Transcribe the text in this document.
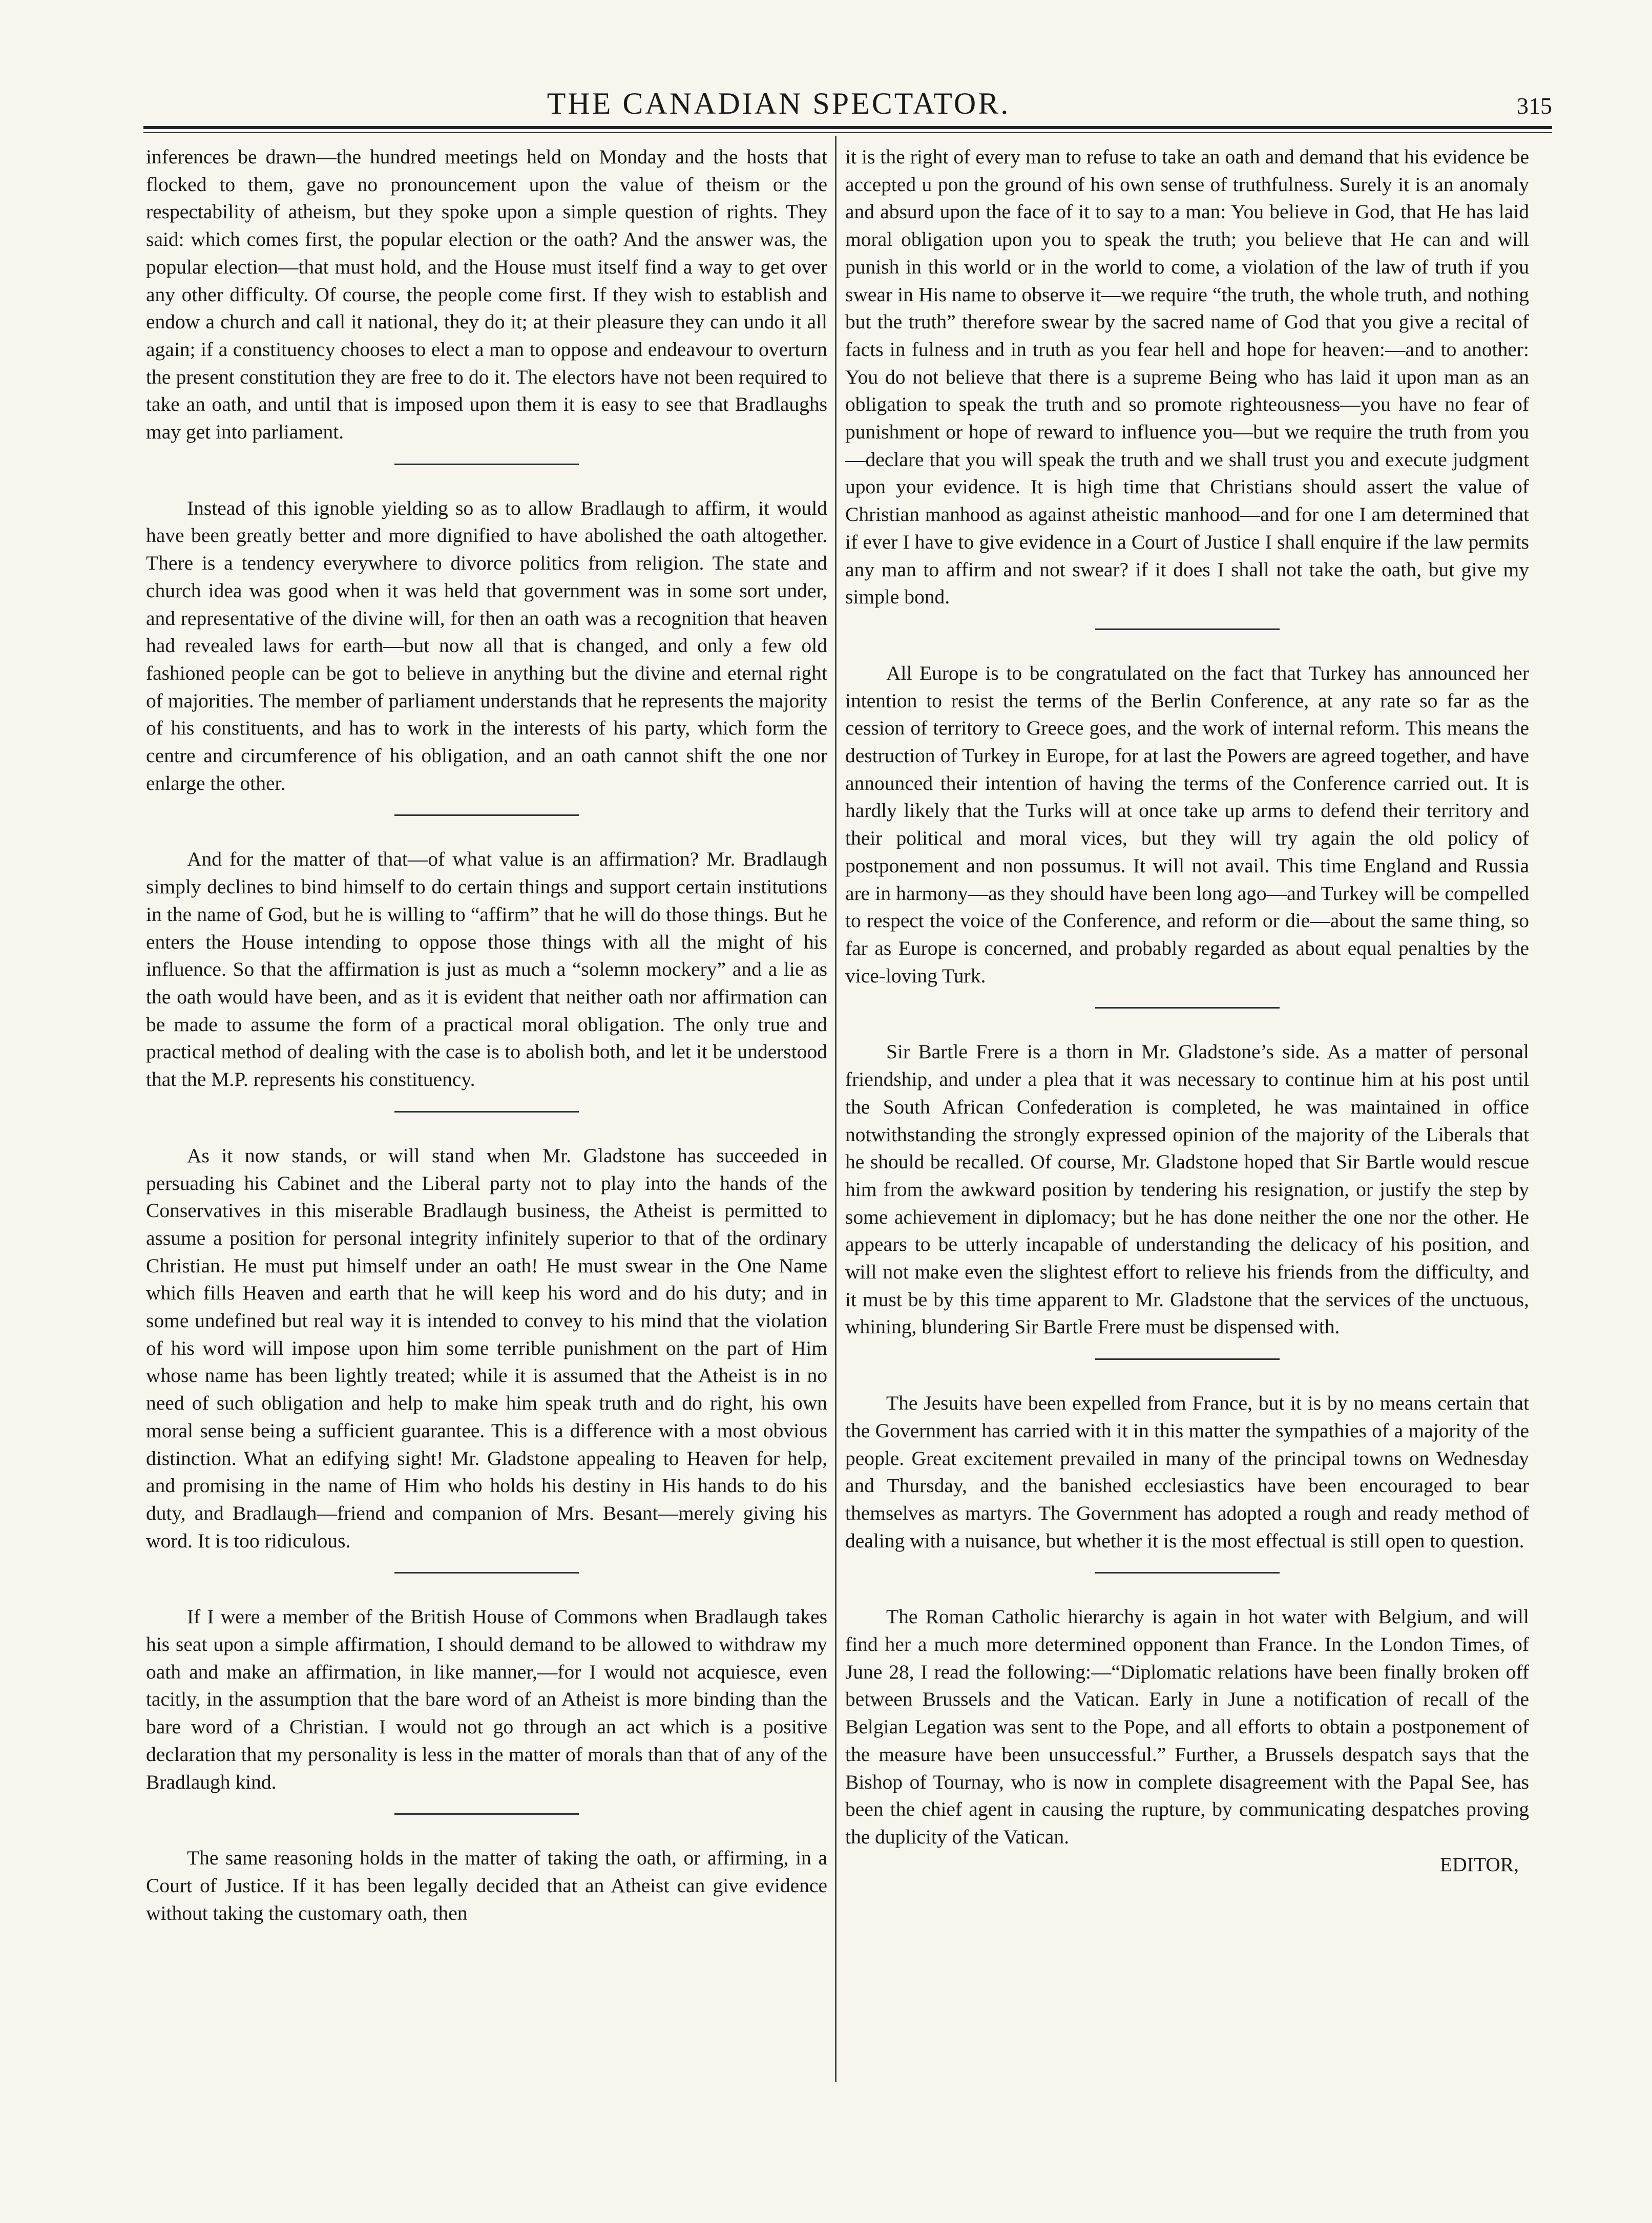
THE CANADIAN SPECTATOR.	315

inferences be drawn—the hundred meetings held on Monday and the hosts that flocked to them, gave no pronouncement upon the value of theism or the respectability of atheism, but they spoke upon a simple question of rights. They said: which comes first, the popular election or the oath? And the answer was, the popular election—that must hold, and the House must itself find a way to get over any other difficulty. Of course, the people come first. If they wish to establish and endow a church and call it national, they do it; at their pleasure they can undo it all again; if a constituency chooses to elect a man to oppose and endeavour to overturn the present constitution they are free to do it. The electors have not been required to take an oath, and until that is imposed upon them it is easy to see that Bradlaughs may get into parliament.

Instead of this ignoble yielding so as to allow Bradlaugh to affirm, it would have been greatly better and more dignified to have abolished the oath altogether. There is a tendency everywhere to divorce politics from religion. The state and church idea was good when it was held that government was in some sort under, and representative of the divine will, for then an oath was a recognition that heaven had revealed laws for earth—but now all that is changed, and only a few old fashioned people can be got to believe in anything but the divine and eternal right of majorities. The member of parliament understands that he represents the majority of his constituents, and has to work in the interests of his party, which form the centre and circumference of his obligation, and an oath cannot shift the one nor enlarge the other.

And for the matter of that—of what value is an affirmation? Mr. Bradlaugh simply declines to bind himself to do certain things and support certain institutions in the name of God, but he is willing to “affirm” that he will do those things. But he enters the House intending to oppose those things with all the might of his influence. So that the affirmation is just as much a “solemn mockery” and a lie as the oath would have been, and as it is evident that neither oath nor affirmation can be made to assume the form of a practical moral obligation. The only true and practical method of dealing with the case is to abolish both, and let it be understood that the M.P. represents his constituency.

As it now stands, or will stand when Mr. Gladstone has succeeded in persuading his Cabinet and the Liberal party not to play into the hands of the Conservatives in this miserable Bradlaugh business, the Atheist is permitted to assume a position for personal integrity infinitely superior to that of the ordinary Christian. He must put himself under an oath! He must swear in the One Name which fills Heaven and earth that he will keep his word and do his duty; and in some undefined but real way it is intended to convey to his mind that the violation of his word will impose upon him some terrible punishment on the part of Him whose name has been lightly treated; while it is assumed that the Atheist is in no need of such obligation and help to make him speak truth and do right, his own moral sense being a sufficient guarantee. This is a difference with a most obvious distinction. What an edifying sight! Mr. Gladstone appealing to Heaven for help, and promising in the name of Him who holds his destiny in His hands to do his duty, and Bradlaugh—friend and companion of Mrs. Besant—merely giving his word. It is too ridiculous.

If I were a member of the British House of Commons when Bradlaugh takes his seat upon a simple affirmation, I should demand to be allowed to withdraw my oath and make an affirmation, in like manner,—for I would not acquiesce, even tacitly, in the assumption that the bare word of an Atheist is more binding than the bare word of a Christian. I would not go through an act which is a positive declaration that my personality is less in the matter of morals than that of any of the Bradlaugh kind.

The same reasoning holds in the matter of taking the oath, or affirming, in a Court of Justice. If it has been legally decided that an Atheist can give evidence without taking the customary oath, then

it is the right of every man to refuse to take an oath and demand that his evidence be accepted u pon the ground of his own sense of truthfulness. Surely it is an anomaly and absurd upon the face of it to say to a man: You believe in God, that He has laid moral obligation upon you to speak the truth; you believe that He can and will punish in this world or in the world to come, a violation of the law of truth if you swear in His name to observe it—we require “the truth, the whole truth, and nothing but the truth” therefore swear by the sacred name of God that you give a recital of facts in fulness and in truth as you fear hell and hope for heaven:—and to another: You do not believe that there is a supreme Being who has laid it upon man as an obligation to speak the truth and so promote righteousness—you have no fear of punishment or hope of reward to influence you—but we require the truth from you—declare that you will speak the truth and we shall trust you and execute judgment upon your evidence. It is high time that Christians should assert the value of Christian manhood as against atheistic manhood—and for one I am determined that if ever I have to give evidence in a Court of Justice I shall enquire if the law permits any man to affirm and not swear? if it does I shall not take the oath, but give my simple bond.

All Europe is to be congratulated on the fact that Turkey has announced her intention to resist the terms of the Berlin Conference, at any rate so far as the cession of territory to Greece goes, and the work of internal reform. This means the destruction of Turkey in Europe, for at last the Powers are agreed together, and have announced their intention of having the terms of the Conference carried out. It is hardly likely that the Turks will at once take up arms to defend their territory and their political and moral vices, but they will try again the old policy of postponement and non possumus. It will not avail. This time England and Russia are in harmony—as they should have been long ago—and Turkey will be compelled to respect the voice of the Conference, and reform or die—about the same thing, so far as Europe is concerned, and probably regarded as about equal penalties by the vice-loving Turk.

Sir Bartle Frere is a thorn in Mr. Gladstone’s side. As a matter of personal friendship, and under a plea that it was necessary to continue him at his post until the South African Confederation is completed, he was maintained in office notwithstanding the strongly expressed opinion of the majority of the Liberals that he should be recalled. Of course, Mr. Gladstone hoped that Sir Bartle would rescue him from the awkward position by tendering his resignation, or justify the step by some achievement in diplomacy; but he has done neither the one nor the other. He appears to be utterly incapable of understanding the delicacy of his position, and will not make even the slightest effort to relieve his friends from the difficulty, and it must be by this time apparent to Mr. Gladstone that the services of the unctuous, whining, blundering Sir Bartle Frere must be dispensed with.

The Jesuits have been expelled from France, but it is by no means certain that the Government has carried with it in this matter the sympathies of a majority of the people. Great excitement prevailed in many of the principal towns on Wednesday and Thursday, and the banished ecclesiastics have been encouraged to bear themselves as martyrs. The Government has adopted a rough and ready method of dealing with a nuisance, but whether it is the most effectual is still open to question.

The Roman Catholic hierarchy is again in hot water with Belgium, and will find her a much more determined opponent than France. In the London Times, of June 28, I read the following:—“Diplomatic relations have been finally broken off between Brussels and the Vatican. Early in June a notification of recall of the Belgian Legation was sent to the Pope, and all efforts to obtain a postponement of the measure have been unsuccessful.” Further, a Brussels despatch says that the Bishop of Tournay, who is now in complete disagreement with the Papal See, has been the chief agent in causing the rupture, by communicating despatches proving the duplicity of the Vatican.

EDITOR,
